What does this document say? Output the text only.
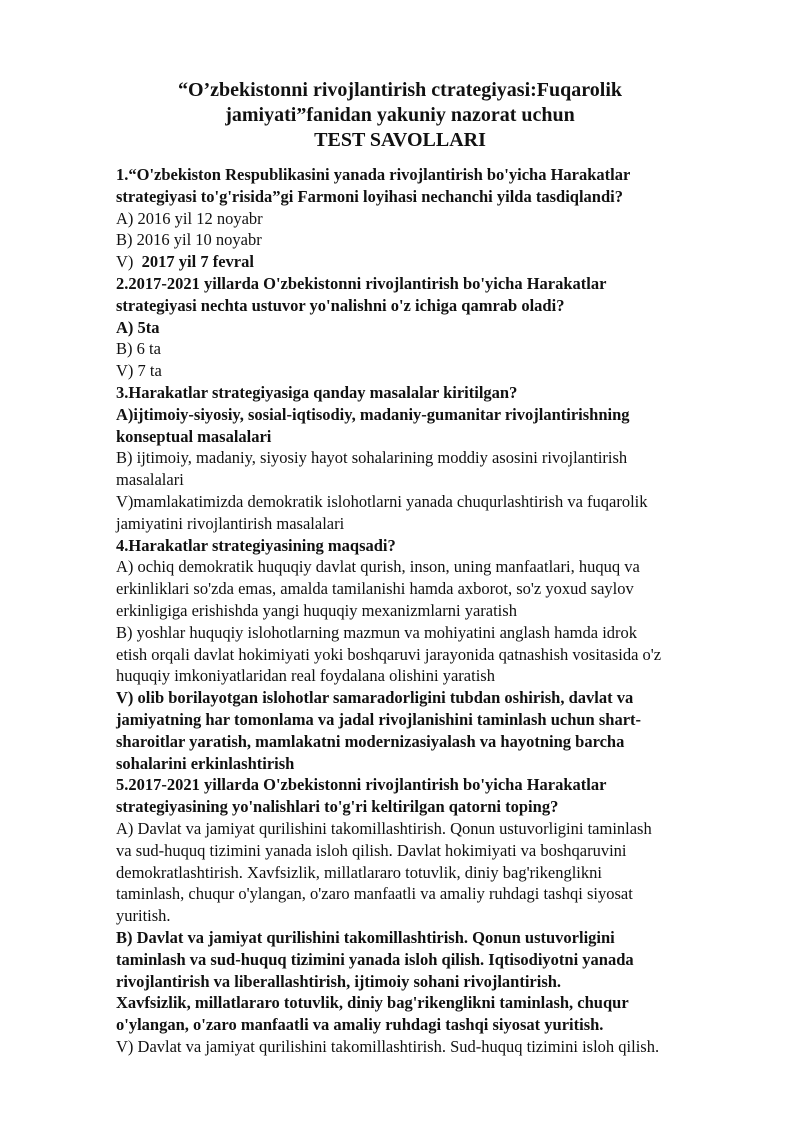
“O’zbekistonni rivojlantirish ctrategiyasi:Fuqarolik
jamiyati”fanidan yakuniy nazorat uchun
TEST SAVOLLARI
1.“O'zbekiston Respublikasini yanada rivojlantirish bo'yicha Harakatlar
strategiyasi to'g'risida”gi Farmoni loyihasi nechanchi yilda tasdiqlandi?
A) 2016 yil 12 noyabr
B) 2016 yil 10 noyabr
V)  2017 yil 7 fevral
2.2017-2021 yillarda O'zbekistonni rivojlantirish bo'yicha Harakatlar
strategiyasi nechta ustuvor yo'nalishni o'z ichiga qamrab oladi?
A) 5ta
B) 6 ta
V) 7 ta
3.Harakatlar strategiyasiga qanday masalalar kiritilgan?
A)ijtimoiy-siyosiy, sosial-iqtisodiy, madaniy-gumanitar rivojlantirishning
konseptual masalalari
B) ijtimoiy, madaniy, siyosiy hayot sohalarining moddiy asosini rivojlantirish
masalalari
V)mamlakatimizda demokratik islohotlarni yanada chuqurlashtirish va fuqarolik
jamiyatini rivojlantirish masalalari
4.Harakatlar strategiyasining maqsadi?
A) ochiq demokratik huquqiy davlat qurish, inson, uning manfaatlari, huquq va
erkinliklari so'zda emas, amalda tamilanishi hamda axborot, so'z yoxud saylov
erkinligiga erishishda yangi huquqiy mexanizmlarni yaratish
B) yoshlar huquqiy islohotlarning mazmun va mohiyatini anglash hamda idrok
etish orqali davlat hokimiyati yoki boshqaruvi jarayonida qatnashish vositasida o'z
huquqiy imkoniyatlaridan real foydalana olishini yaratish
V) olib borilayotgan islohotlar samaradorligini tubdan oshirish, davlat va
jamiyatning har tomonlama va jadal rivojlanishini taminlash uchun shart-
sharoitlar yaratish, mamlakatni modernizasiyalash va hayotning barcha
sohalarini erkinlashtirish
5.2017-2021 yillarda O'zbekistonni rivojlantirish bo'yicha Harakatlar
strategiyasining yo'nalishlari to'g'ri keltirilgan qatorni toping?
A) Davlat va jamiyat qurilishini takomillashtirish. Qonun ustuvorligini taminlash
va sud-huquq tizimini yanada isloh qilish. Davlat hokimiyati va boshqaruvini
demokratlashtirish. Xavfsizlik, millatlararo totuvlik, diniy bag'rikenglikni
taminlash, chuqur o'ylangan, o'zaro manfaatli va amaliy ruhdagi tashqi siyosat
yuritish.
B) Davlat va jamiyat qurilishini takomillashtirish. Qonun ustuvorligini
taminlash va sud-huquq tizimini yanada isloh qilish. Iqtisodiyotni yanada
rivojlantirish va liberallashtirish, ijtimoiy sohani rivojlantirish.
Xavfsizlik, millatlararo totuvlik, diniy bag'rikenglikni taminlash, chuqur
o'ylangan, o'zaro manfaatli va amaliy ruhdagi tashqi siyosat yuritish.
V) Davlat va jamiyat qurilishini takomillashtirish. Sud-huquq tizimini isloh qilish.
